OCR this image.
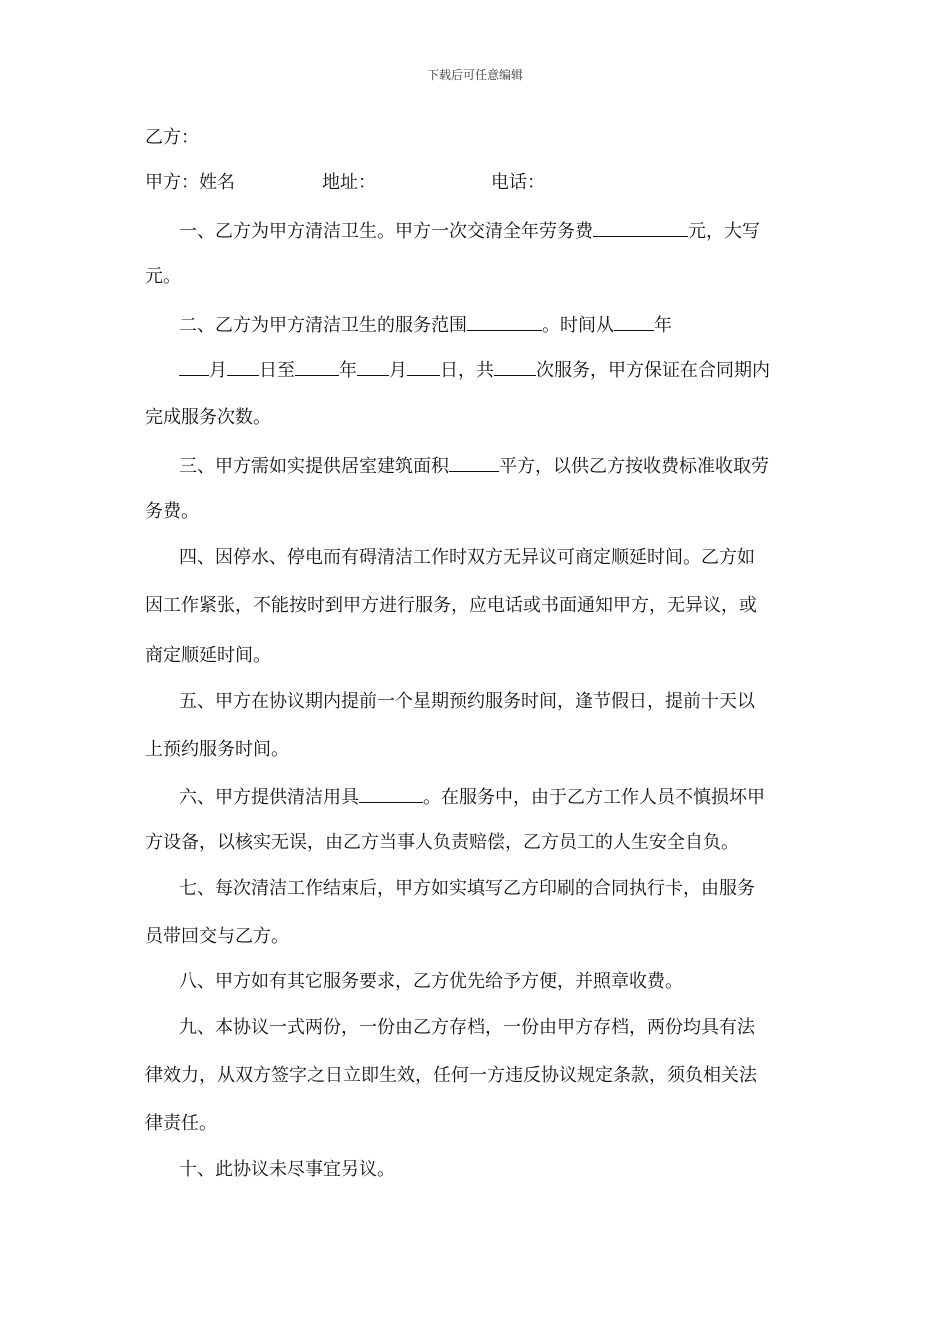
下载后可任意编辑
乙方：
甲方：姓名	地址：	电话：
一、乙方为甲方清洁卫生。甲方一次交清全年劳务费	元，大写
元。
二、乙方为甲方清洁卫生的服务范围	。时间从 年
月 日至 年 月 日，共 次服务，甲方保证在合同期内
完成服务次数。
三、甲方需如实提供居室建筑面积	平方，以供乙方按收费标准收取劳
务费。
四、因停水、停电而有碍清洁工作时双方无异议可商定顺延时间。乙方如
因工作紧张，不能按时到甲方进行服务，应电话或书面通知甲方，无异议，或
商定顺延时间。
五、甲方在协议期内提前一个星期预约服务时间，逢节假日，提前十天以
上预约服务时间。
六、甲方提供清洁用具	。在服务中，由于乙方工作人员不慎损坏甲
方设备，以核实无误，由乙方当事人负责赔偿，乙方员工的人生安全自负。
七、每次清洁工作结束后，甲方如实填写乙方印刷的合同执行卡，由服务
员带回交与乙方。
八、甲方如有其它服务要求，乙方优先给予方便，并照章收费。
九、本协议一式两份，一份由乙方存档，一份由甲方存档，两份均具有法
律效力，从双方签字之日立即生效，任何一方违反协议规定条款，须负相关法
律责任。
十、此协议未尽事宜另议。
